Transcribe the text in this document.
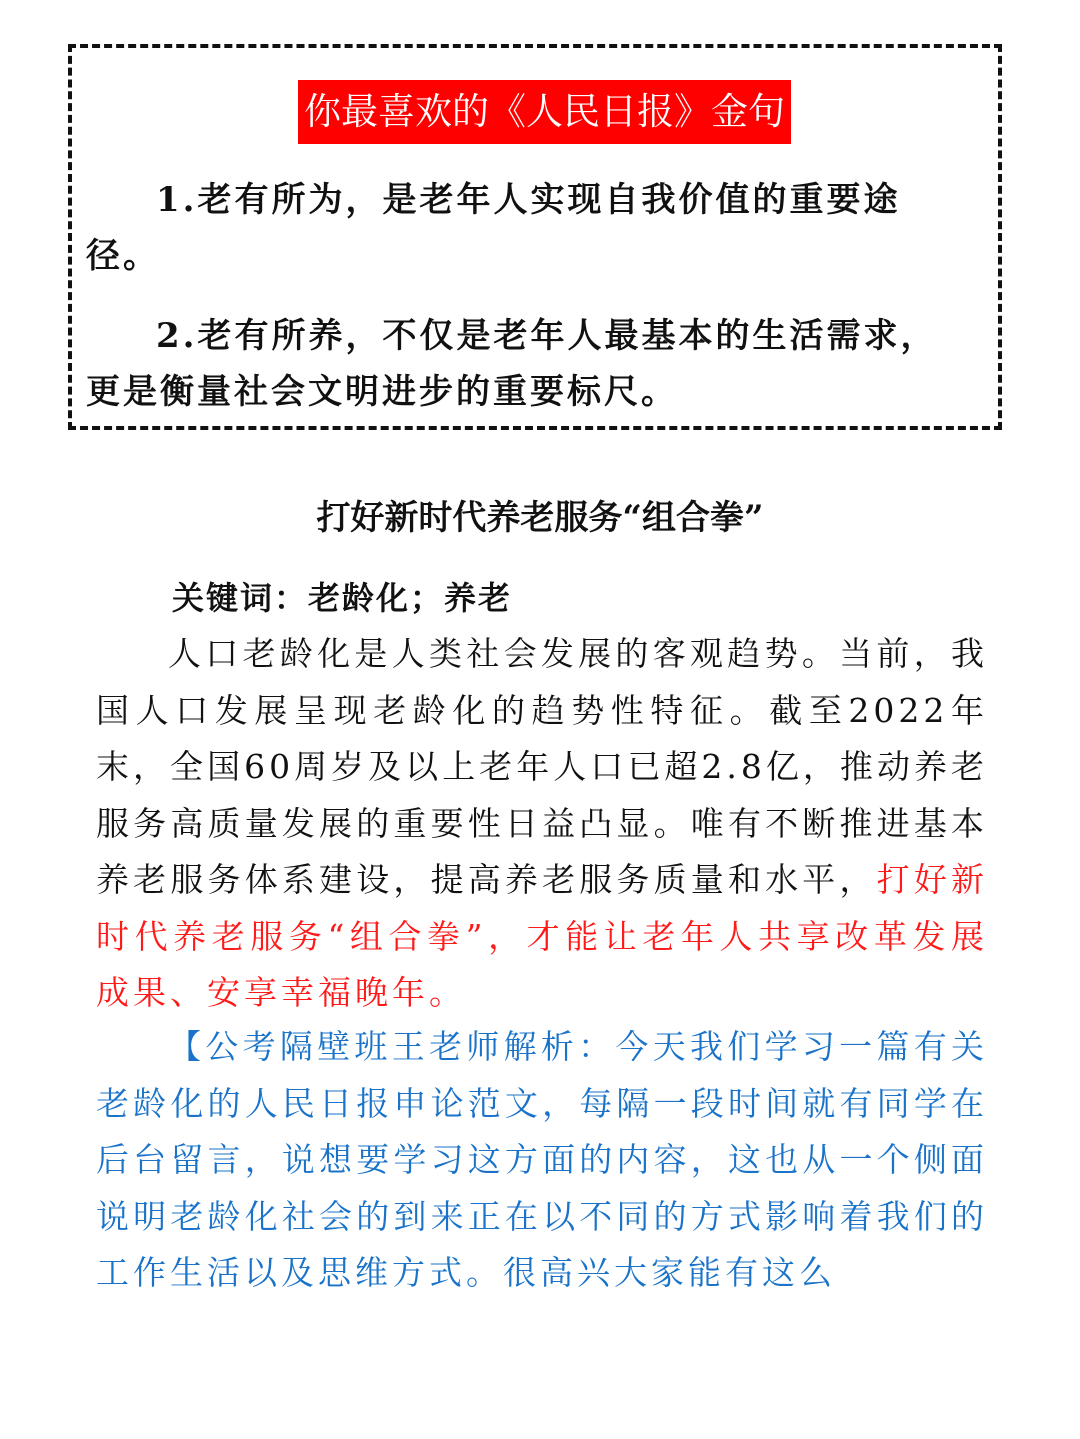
你最喜欢的《人民日报》金句
1.老有所为，是老年人实现自我价值的重要途径。
2.老有所养，不仅是老年人最基本的生活需求，更是衡量社会文明进步的重要标尺。
打好新时代养老服务“组合拳”
关键词：老龄化；养老
人口老龄化是人类社会发展的客观趋势。当前，我国人口发展呈现老龄化的趋势性特征。截至2022年末，全国60周岁及以上老年人口已超2.8亿，推动养老服务高质量发展的重要性日益凸显。唯有不断推进基本养老服务体系建设，提高养老服务质量和水平，打好新时代养老服务“组合拳”，才能让老年人共享改革发展成果、安享幸福晚年。
【公考隔壁班王老师解析：今天我们学习一篇有关老龄化的人民日报申论范文，每隔一段时间就有同学在后台留言，说想要学习这方面的内容，这也从一个侧面说明老龄化社会的到来正在以不同的方式影响着我们的工作生活以及思维方式。很高兴大家能有这么
